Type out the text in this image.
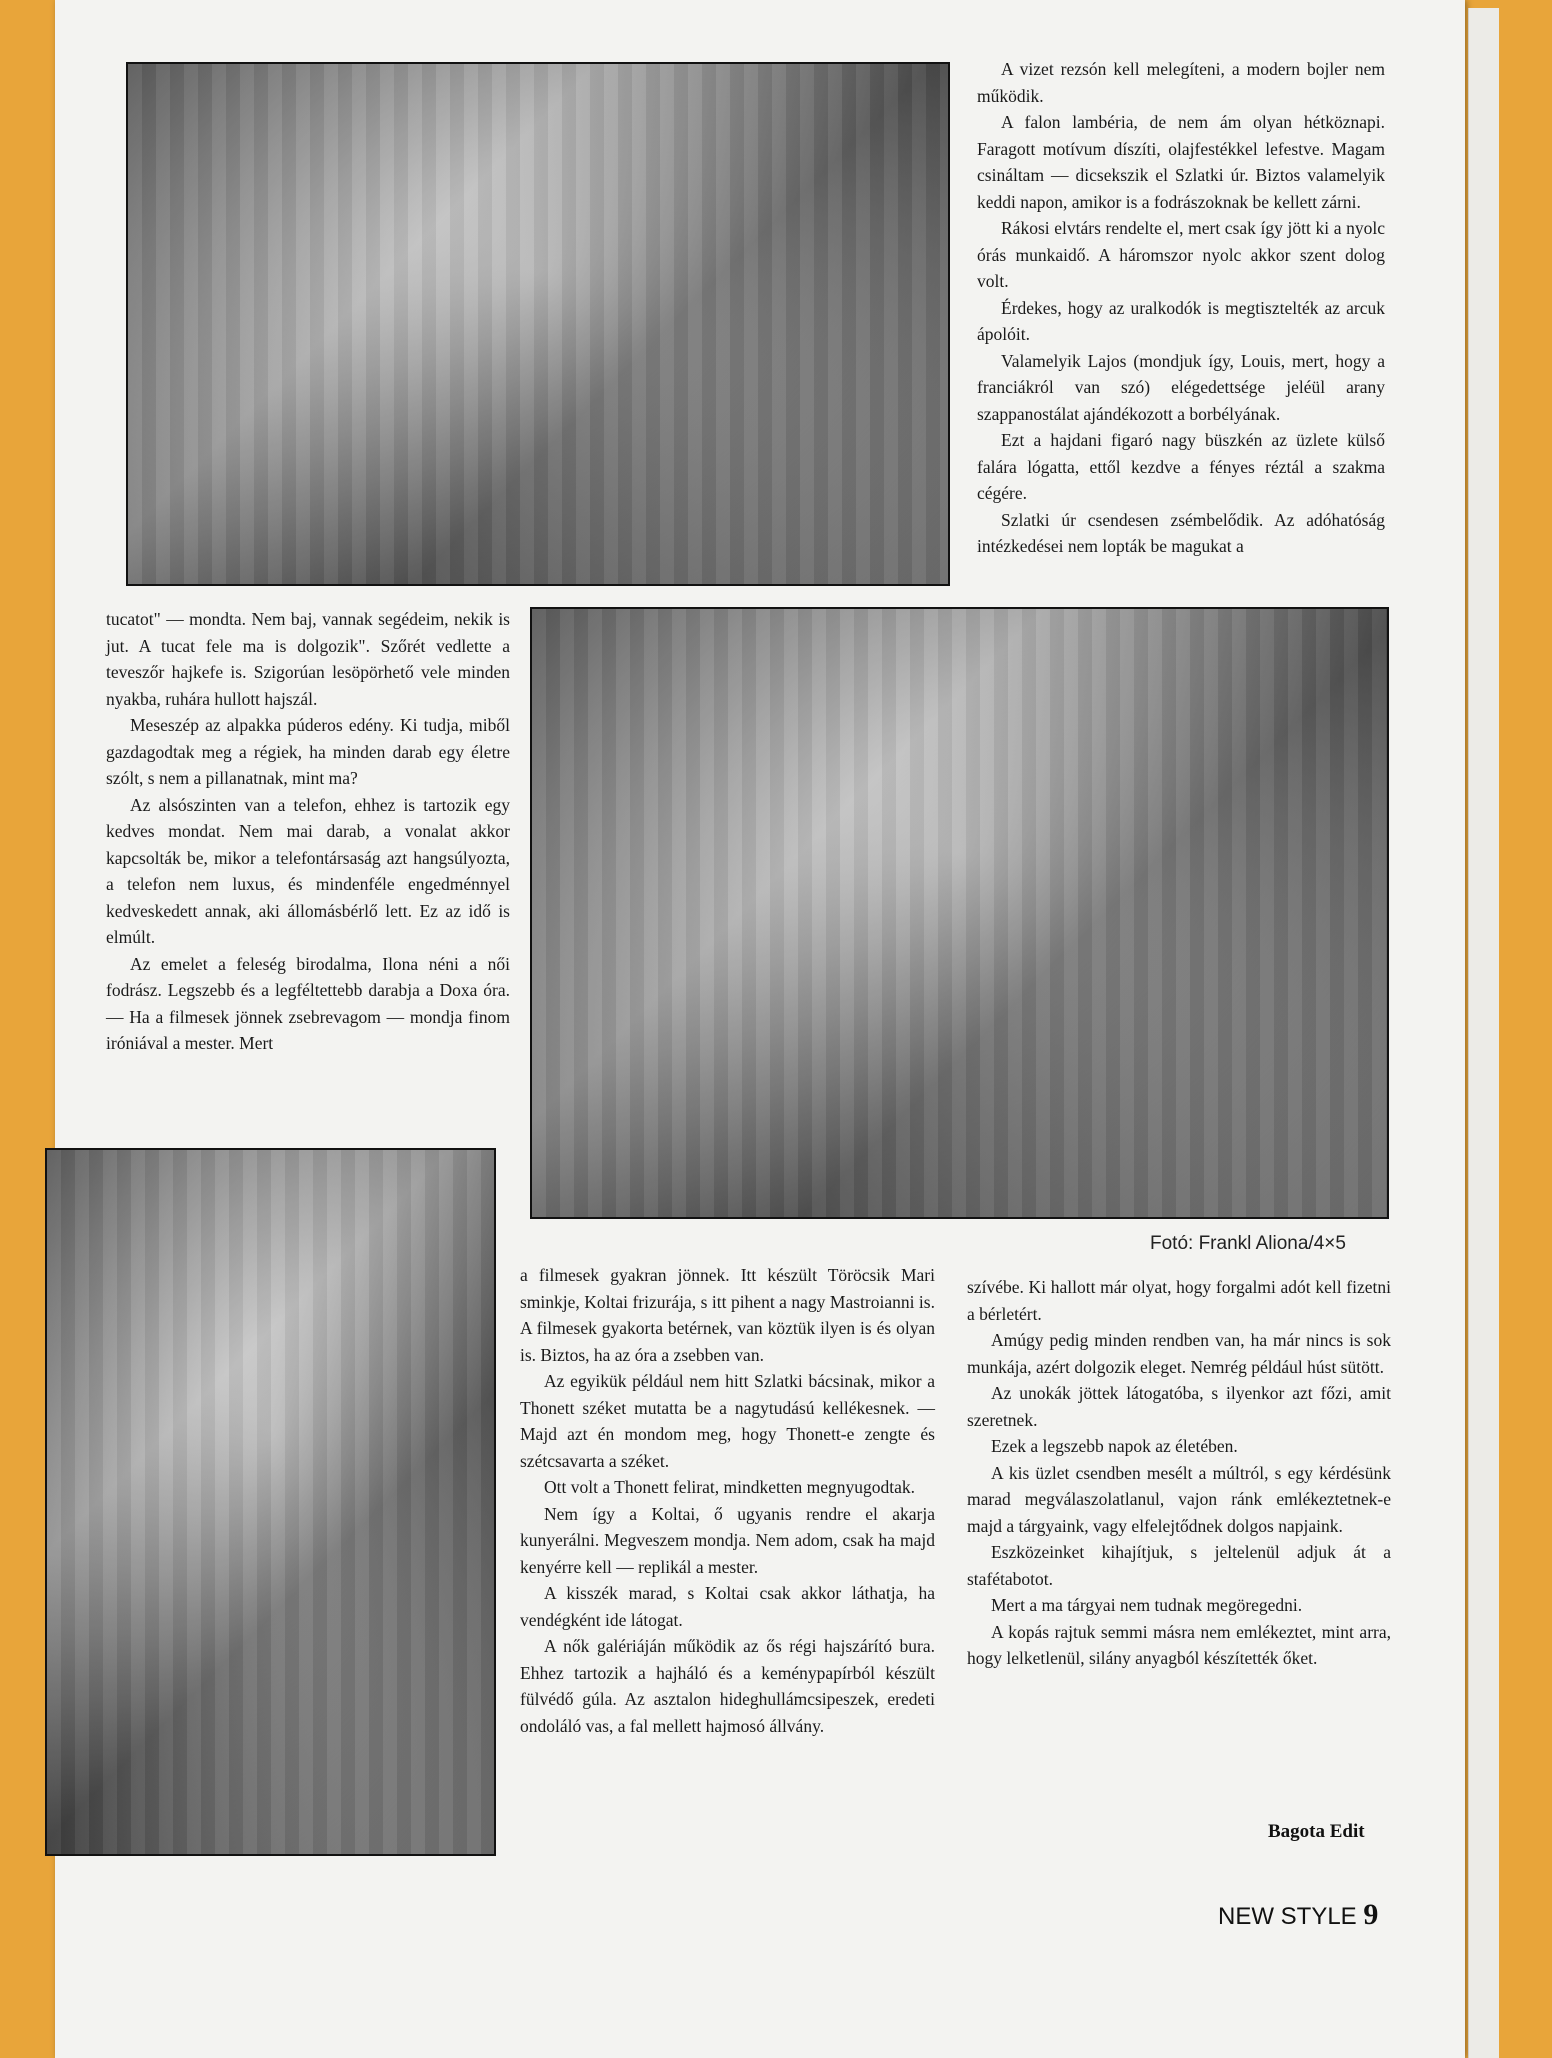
A vizet rezsón kell melegíteni, a modern bojler nem működik.

A falon lambéria, de nem ám olyan hétköznapi. Faragott motívum díszíti, olajfestékkel lefestve. Magam csináltam — dicsekszik el Szlatki úr. Biztos valamelyik keddi napon, amikor is a fodrászoknak be kellett zárni.

Rákosi elvtárs rendelte el, mert csak így jött ki a nyolc órás munkaidő. A háromszor nyolc akkor szent dolog volt.

Érdekes, hogy az uralkodók is megtisztelték az arcuk ápolóit.

Valamelyik Lajos (mondjuk így, Louis, mert, hogy a franciákról van szó) elégedettsége jeléül arany szappanostálat ajándékozott a borbélyának.

Ezt a hajdani figaró nagy büszkén az üzlete külső falára lógatta, ettől kezdve a fényes réztál a szakma cégére.

Szlatki úr csendesen zsémbelődik. Az adóhatóság intézkedései nem lopták be magukat a

tucatot" — mondta. Nem baj, vannak segédeim, nekik is jut. A tucat fele ma is dolgozik". Szőrét vedlette a teveszőr hajkefe is. Szigorúan lesöpörhető vele minden nyakba, ruhára hullott hajszál.

Meseszép az alpakka púderos edény. Ki tudja, miből gazdagodtak meg a régiek, ha minden darab egy életre szólt, s nem a pillanatnak, mint ma?

Az alsószinten van a telefon, ehhez is tartozik egy kedves mondat. Nem mai darab, a vonalat akkor kapcsolták be, mikor a telefontársaság azt hangsúlyozta, a telefon nem luxus, és mindenféle engedménnyel kedveskedett annak, aki állomásbérlő lett. Ez az idő is elmúlt.

Az emelet a feleség birodalma, Ilona néni a női fodrász. Legszebb és a legféltettebb darabja a Doxa óra. — Ha a filmesek jönnek zsebrevagom — mondja finom iróniával a mester. Mert

a filmesek gyakran jönnek. Itt készült Töröcsik Mari sminkje, Koltai frizurája, s itt pihent a nagy Mastroianni is. A filmesek gyakorta betérnek, van köztük ilyen is és olyan is. Biztos, ha az óra a zsebben van.

Az egyikük például nem hitt Szlatki bácsinak, mikor a Thonett széket mutatta be a nagytudású kellékesnek. — Majd azt én mondom meg, hogy Thonett-e zengte és szétcsavarta a széket.

Ott volt a Thonett felirat, mindketten megnyugodtak.

Nem így a Koltai, ő ugyanis rendre el akarja kunyerálni. Megveszem mondja. Nem adom, csak ha majd kenyérre kell — replikál a mester.

A kisszék marad, s Koltai csak akkor láthatja, ha vendégként ide látogat.

A nők galériáján működik az ős régi hajszárító bura. Ehhez tartozik a hajháló és a keménypapírból készült fülvédő gúla. Az asztalon hideghullámcsipeszek, eredeti ondoláló vas, a fal mellett hajmosó állvány.

szívébe. Ki hallott már olyat, hogy forgalmi adót kell fizetni a bérletért.

Amúgy pedig minden rendben van, ha már nincs is sok munkája, azért dolgozik eleget. Nemrég például húst sütött.

Az unokák jöttek látogatóba, s ilyenkor azt főzi, amit szeretnek.

Ezek a legszebb napok az életében.

A kis üzlet csendben mesélt a múltról, s egy kérdésünk marad megválaszolatlanul, vajon ránk emlékeztetnek-e majd a tárgyaink, vagy elfelejtődnek dolgos napjaink.

Eszközeinket kihajítjuk, s jeltelenül adjuk át a stafétabotot.

Mert a ma tárgyai nem tudnak megöregedni.

A kopás rajtuk semmi másra nem emlékeztet, mint arra, hogy lelketlenül, silány anyagból készítették őket.

Fotó: Frankl Aliona/4×5
Bagota Edit
NEW STYLE 9
